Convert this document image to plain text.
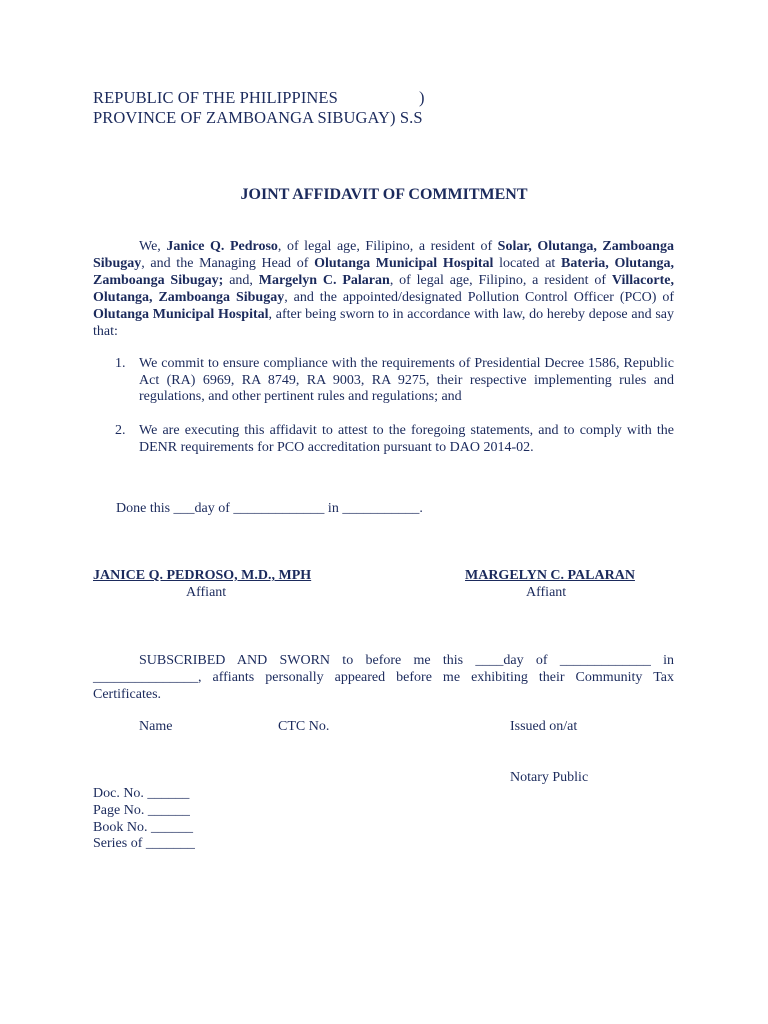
REPUBLIC OF THE PHILIPPINES	)
PROVINCE OF ZAMBOANGA SIBUGAY) S.S
JOINT AFFIDAVIT OF COMMITMENT

We, Janice Q. Pedroso, of legal age, Filipino, a resident of Solar, Olutanga, Zamboanga Sibugay, and the Managing Head of Olutanga Municipal Hospital located at Bateria, Olutanga, Zamboanga Sibugay; and, Margelyn C. Palaran, of legal age, Filipino, a resident of Villacorte, Olutanga, Zamboanga Sibugay, and the appointed/designated Pollution Control Officer (PCO) of Olutanga Municipal Hospital, after being sworn to in accordance with law, do hereby depose and say that:

1. We commit to ensure compliance with the requirements of Presidential Decree 1586, Republic Act (RA) 6969, RA 8749, RA 9003, RA 9275, their respective implementing rules and regulations, and other pertinent rules and regulations; and
2. We are executing this affidavit to attest to the foregoing statements, and to comply with the DENR requirements for PCO accreditation pursuant to DAO 2014-02.
Done this ___day of _____________ in ___________.
JANICE Q. PEDROSO, M.D., MPH	MARGELYN C. PALARAN
Affiant	Affiant

SUBSCRIBED AND SWORN to before me this ____day of _____________ in _______________, affiants personally appeared before me exhibiting their Community Tax Certificates.

Name	CTC No.	Issued on/at
Notary Public
Doc. No. ______
Page No. ______
Book No. ______
Series of _______
